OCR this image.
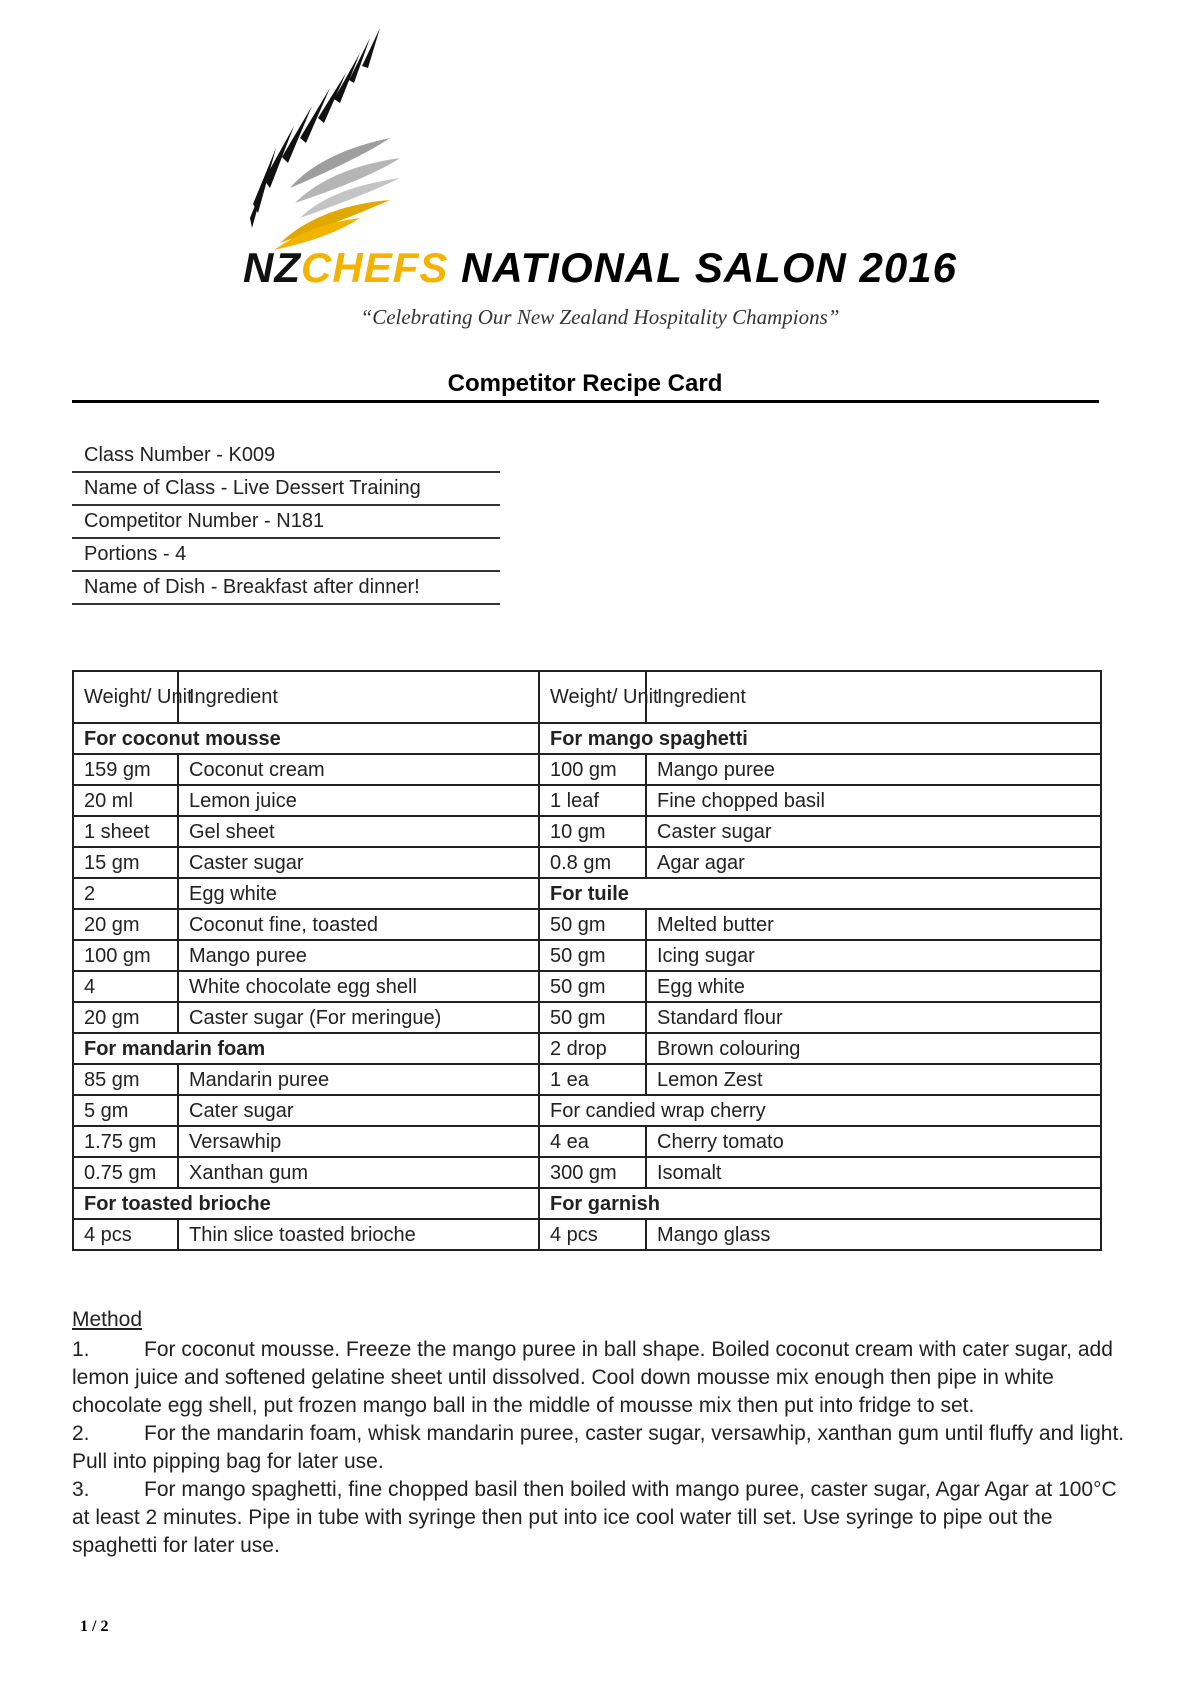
NZCHEFS NATIONAL SALON 2016
“Celebrating Our New Zealand Hospitality Champions”
Competitor Recipe Card
Class Number - K009
Name of Class - Live Dessert Training
Competitor Number - N181
Portions - 4
Name of Dish - Breakfast after dinner!
Weight/ Unit	Ingredient	Weight/ Unit	Ingredient
For coconut mousse		For mango spaghetti	
159 gm	Coconut cream	100 gm	Mango puree
20 ml	Lemon juice	1 leaf	Fine chopped basil
1 sheet	Gel sheet	10 gm	Caster sugar
15 gm	Caster sugar	0.8 gm	Agar agar
2	Egg white	For tuile	
20 gm	Coconut fine, toasted	50 gm	Melted butter
100 gm	Mango puree	50 gm	Icing sugar
4	White chocolate egg shell	50 gm	Egg white
20 gm	Caster sugar (For meringue)	50 gm	Standard flour
For mandarin foam		2 drop	Brown colouring
85 gm	Mandarin puree	1 ea	Lemon Zest
5 gm	Cater sugar	For candied wrap cherry	
1.75 gm	Versawhip	4 ea	Cherry tomato
0.75 gm	Xanthan gum	300 gm	Isomalt
For toasted brioche		For garnish	
4 pcs	Thin slice toasted brioche	4 pcs	Mango glass
Method

1.	For coconut mousse. Freeze the mango puree in ball shape. Boiled coconut cream with cater sugar, add lemon juice and softened gelatine sheet until dissolved. Cool down mousse mix enough then pipe in white chocolate egg shell, put frozen mango ball in the middle of mousse mix then put into fridge to set.

2.	For the mandarin foam, whisk mandarin puree, caster sugar, versawhip, xanthan gum until fluffy and light. Pull into pipping bag for later use.

3.	For mango spaghetti, fine chopped basil then boiled with mango puree, caster sugar, Agar Agar at 100°C at least 2 minutes. Pipe in tube with syringe then put into ice cool water till set. Use syringe to pipe out the spaghetti for later use.

1 / 2
